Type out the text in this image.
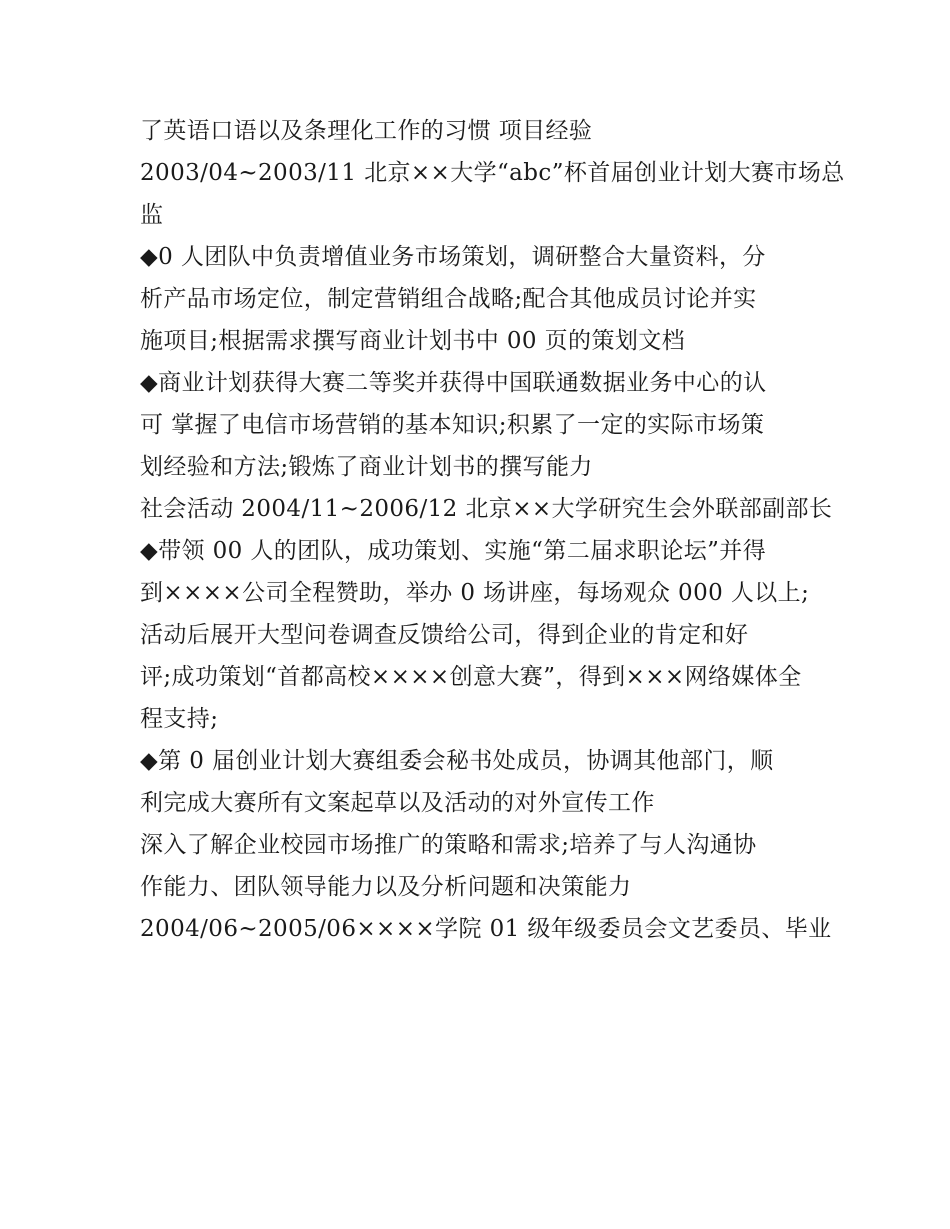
了英语口语以及条理化工作的习惯 项目经验
2003/04~2003/11 北京××大学“abc”杯首届创业计划大赛市场总
监
◆0 人团队中负责增值业务市场策划，调研整合大量资料，分
析产品市场定位，制定营销组合战略;配合其他成员讨论并实
施项目;根据需求撰写商业计划书中 00 页的策划文档
◆商业计划获得大赛二等奖并获得中国联通数据业务中心的认
可 掌握了电信市场营销的基本知识;积累了一定的实际市场策
划经验和方法;锻炼了商业计划书的撰写能力
社会活动 2004/11~2006/12 北京××大学研究生会外联部副部长
◆带领 00 人的团队，成功策划、实施“第二届求职论坛”并得
到××××公司全程赞助，举办 0 场讲座，每场观众 000 人以上;
活动后展开大型问卷调查反馈给公司，得到企业的肯定和好
评;成功策划“首都高校××××创意大赛”，得到×××网络媒体全
程支持;
◆第 0 届创业计划大赛组委会秘书处成员，协调其他部门，顺
利完成大赛所有文案起草以及活动的对外宣传工作
深入了解企业校园市场推广的策略和需求;培养了与人沟通协
作能力、团队领导能力以及分析问题和决策能力
2004/06~2005/06××××学院 01 级年级委员会文艺委员、毕业
